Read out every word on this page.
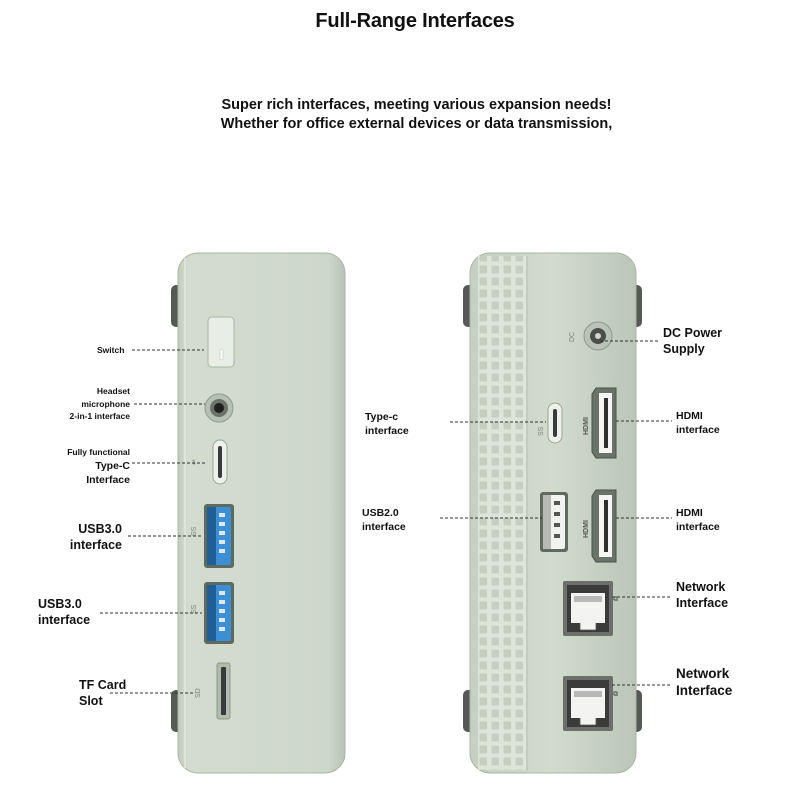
Full-Range Interfaces
Super rich interfaces, meeting various expansion needs!
Whether for office external devices or data transmission,
⇌
SS
SS
SD
DC
SS	HDMI
HDMI
⧉
⧉
Switch
Headset
microphone
2-in-1 interface
Fully functional
Type-C
Interface
USB3.0
interface
USB3.0
interface
TF Card
Slot
Type-c
interface
USB2.0
interface
DC Power
Supply
HDMI
interface
HDMI
interface
Network
Interface
Network
Interface
